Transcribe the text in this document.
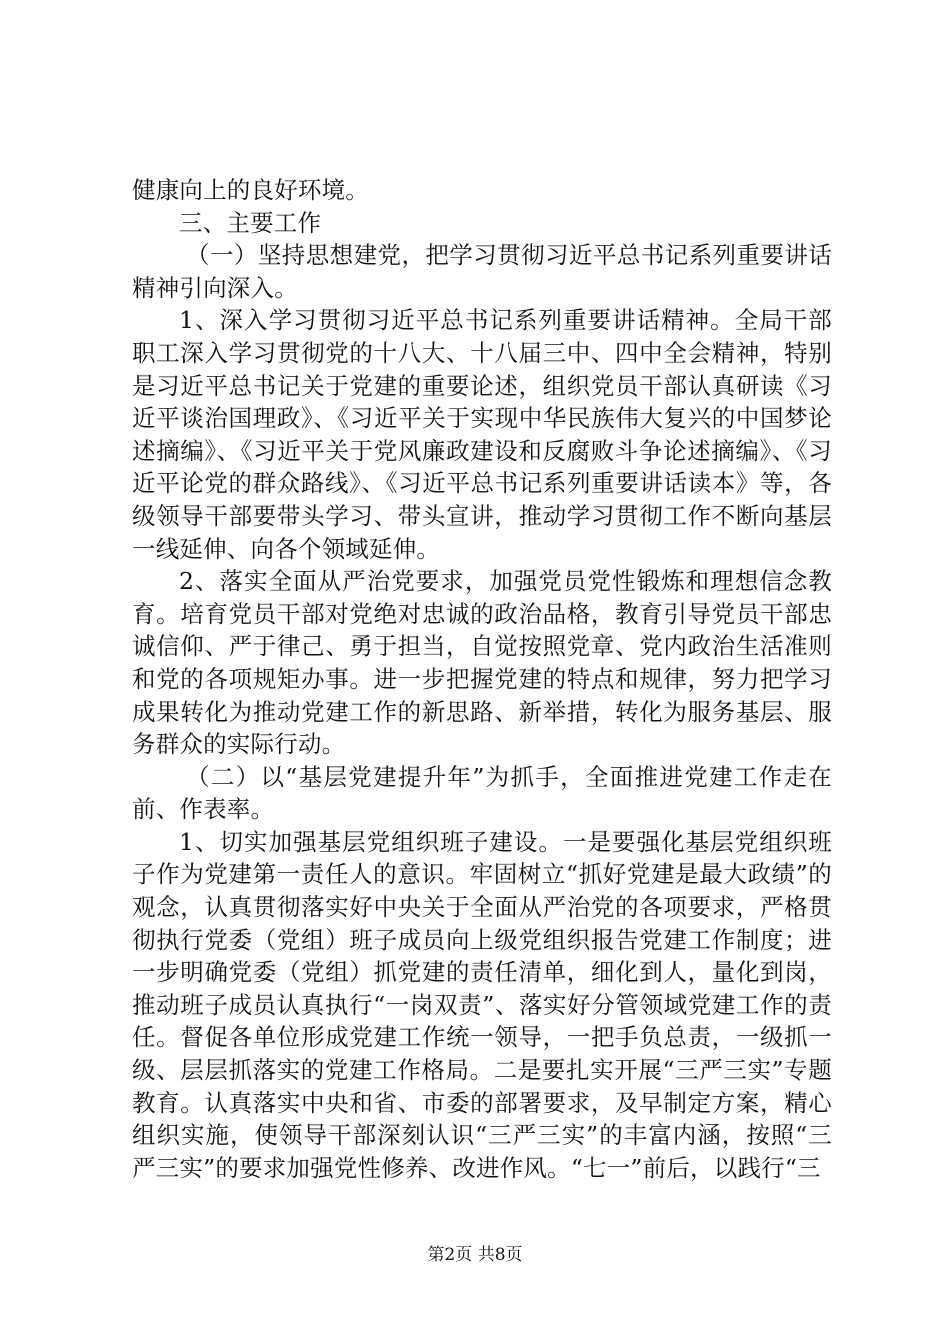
健康向上的良好环境。

三、主要工作

（一）坚持思想建党，把学习贯彻习近平总书记系列重要讲话精神引向深入。

1、深入学习贯彻习近平总书记系列重要讲话精神。全局干部职工深入学习贯彻党的十八大、十八届三中、四中全会精神，特别是习近平总书记关于党建的重要论述，组织党员干部认真研读《习近平谈治国理政》、《习近平关于实现中华民族伟大复兴的中国梦论述摘编》、《习近平关于党风廉政建设和反腐败斗争论述摘编》、《习近平论党的群众路线》、《习近平总书记系列重要讲话读本》等，各级领导干部要带头学习、带头宣讲，推动学习贯彻工作不断向基层一线延伸、向各个领域延伸。

2、落实全面从严治党要求，加强党员党性锻炼和理想信念教育。培育党员干部对党绝对忠诚的政治品格，教育引导党员干部忠诚信仰、严于律己、勇于担当，自觉按照党章、党内政治生活准则和党的各项规矩办事。进一步把握党建的特点和规律，努力把学习成果转化为推动党建工作的新思路、新举措，转化为服务基层、服务群众的实际行动。

（二）以“基层党建提升年”为抓手，全面推进党建工作走在前、作表率。

1、切实加强基层党组织班子建设。一是要强化基层党组织班子作为党建第一责任人的意识。牢固树立“抓好党建是最大政绩”的观念，认真贯彻落实好中央关于全面从严治党的各项要求，严格贯彻执行党委（党组）班子成员向上级党组织报告党建工作制度；进一步明确党委（党组）抓党建的责任清单，细化到人，量化到岗，推动班子成员认真执行“一岗双责”、落实好分管领域党建工作的责任。督促各单位形成党建工作统一领导，一把手负总责，一级抓一级、层层抓落实的党建工作格局。二是要扎实开展“三严三实”专题教育。认真落实中央和省、市委的部署要求，及早制定方案，精心组织实施，使领导干部深刻认识“三严三实”的丰富内涵，按照“三严三实”的要求加强党性修养、改进作风。“七一”前后，以践行“三

第2页 共8页
